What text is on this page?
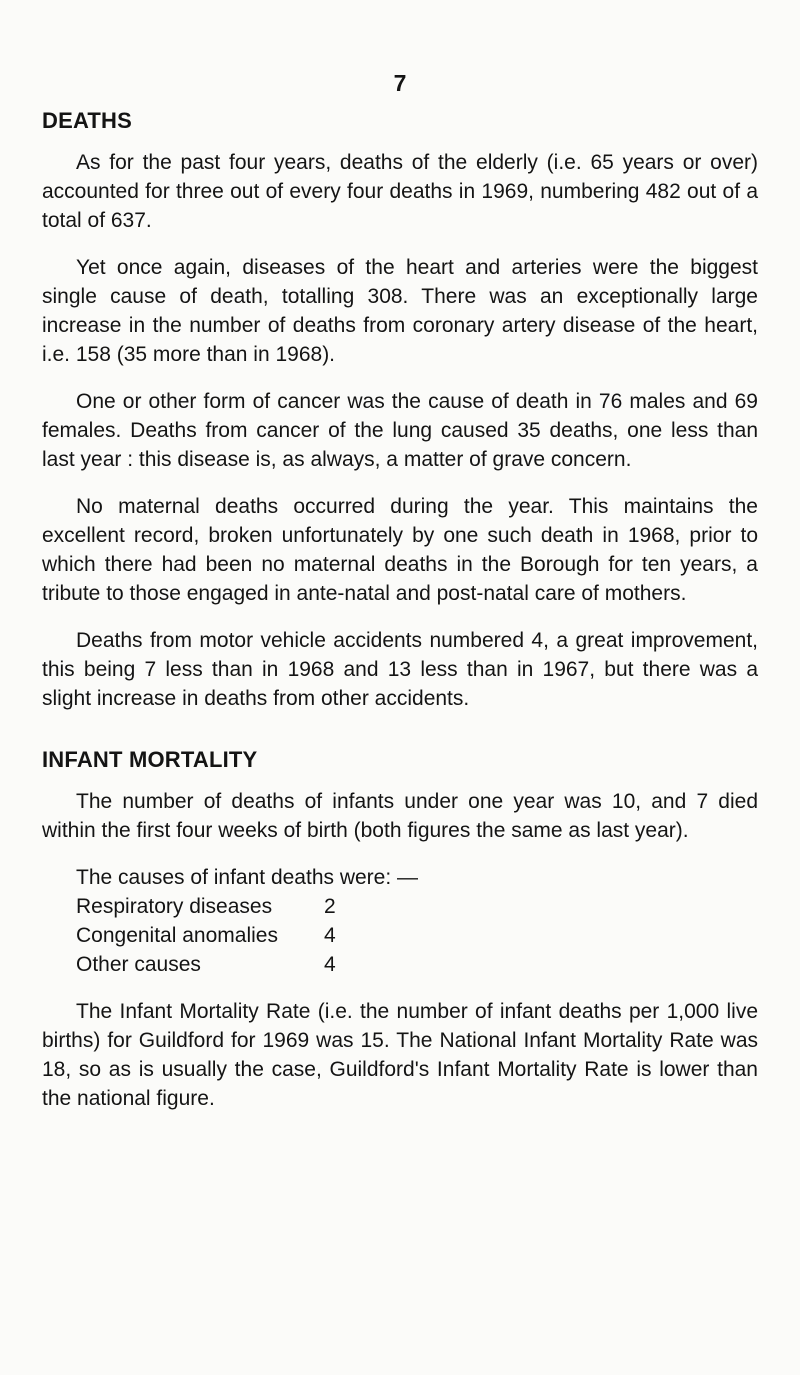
7
DEATHS

As for the past four years, deaths of the elderly (i.e. 65 years or over) accounted for three out of every four deaths in 1969, numbering 482 out of a total of 637.

Yet once again, diseases of the heart and arteries were the biggest single cause of death, totalling 308. There was an exceptionally large increase in the number of deaths from coronary artery disease of the heart, i.e. 158 (35 more than in 1968).

One or other form of cancer was the cause of death in 76 males and 69 females. Deaths from cancer of the lung caused 35 deaths, one less than last year : this disease is, as always, a matter of grave concern.

No maternal deaths occurred during the year. This maintains the excellent record, broken unfortunately by one such death in 1968, prior to which there had been no maternal deaths in the Borough for ten years, a tribute to those engaged in ante-natal and post-natal care of mothers.

Deaths from motor vehicle accidents numbered 4, a great improvement, this being 7 less than in 1968 and 13 less than in 1967, but there was a slight increase in deaths from other accidents.

INFANT MORTALITY

The number of deaths of infants under one year was 10, and 7 died within the first four weeks of birth (both figures the same as last year).

The causes of infant deaths were: —

Respiratory diseases	2
Congenital anomalies	4
Other causes	4

The Infant Mortality Rate (i.e. the number of infant deaths per 1,000 live births) for Guildford for 1969 was 15. The National Infant Mortality Rate was 18, so as is usually the case, Guildford's Infant Mortality Rate is lower than the national figure.
